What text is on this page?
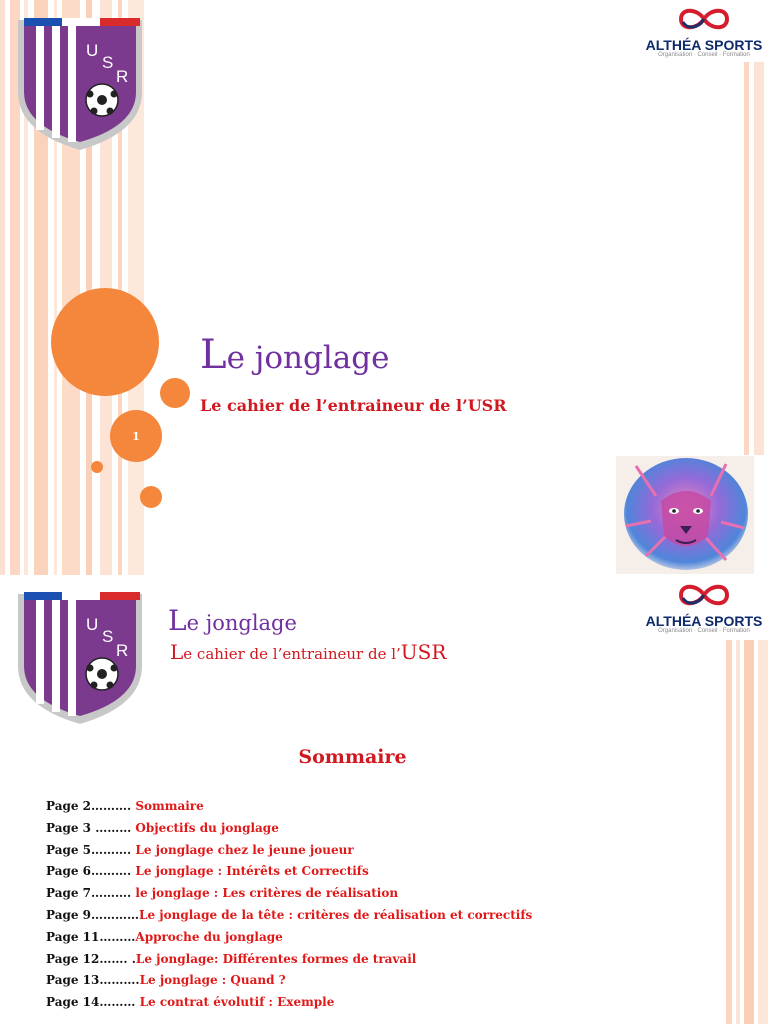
U
S
R
ALTHÉA SPORTS
Organisation · Conseil · Formation
1
Le jonglage
Le cahier de l’entraineur de l’USR
U
S
R
ALTHÉA SPORTS
Organisation · Conseil · Formation
Le jonglage
Le cahier de l’entraineur de l’USR
Sommaire
Page 2………. Sommaire
Page 3 ……… Objectifs du jonglage
Page 5………. Le jonglage chez le jeune joueur
Page 6………. Le jonglage : Intérêts et Correctifs
Page 7………. le jonglage : Les critères de réalisation
Page 9…………Le jonglage de la tête : critères de réalisation et correctifs
Page 11………Approche du jonglage
Page 12……. .Le jonglage: Différentes formes de travail
Page 13……….Le jonglage : Quand ?
Page 14……… Le contrat évolutif : Exemple
